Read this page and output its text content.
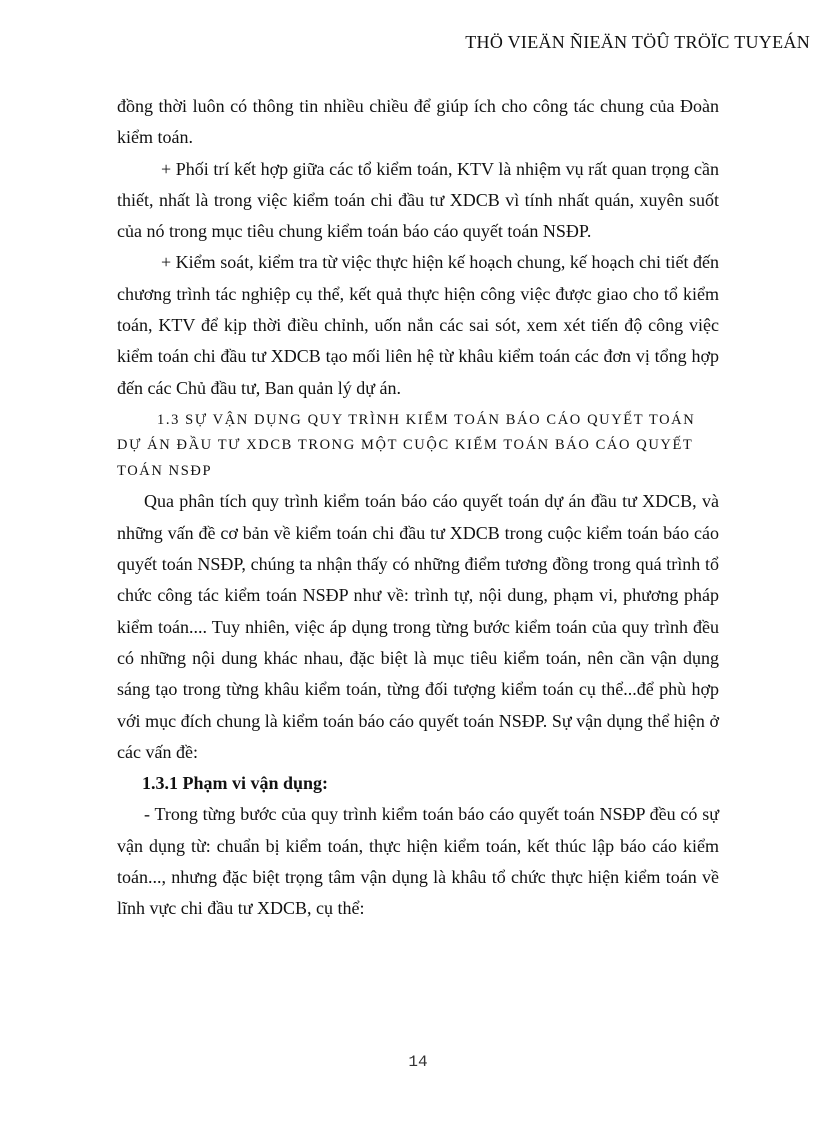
THÖ VIEÄN ÑIEÄN TÖÛ TRÖÏC TUYEÁN

đồng thời luôn có thông tin nhiều chiều để giúp ích cho công tác chung của Đoàn kiểm toán.

+ Phối trí kết hợp giữa các tổ kiểm toán, KTV là nhiệm vụ rất quan trọng cần thiết, nhất là trong việc kiểm toán chi đầu tư XDCB vì tính nhất quán, xuyên suốt của nó trong mục tiêu chung kiểm toán báo cáo quyết toán NSĐP.

+ Kiểm soát, kiểm tra từ việc thực hiện kế hoạch chung, kế hoạch chi tiết đến chương trình tác nghiệp cụ thể, kết quả thực hiện công việc được giao cho tổ kiểm toán, KTV để kịp thời điều chỉnh, uốn nắn các sai sót, xem xét tiến độ công việc kiểm toán chi đầu tư XDCB tạo mối liên hệ từ khâu kiểm toán các đơn vị tổng hợp đến các Chủ đầu tư, Ban quản lý dự án.

1.3 SỰ VẬN DỤNG QUY TRÌNH KIỂM TOÁN BÁO CÁO QUYẾT TOÁN
DỰ ÁN ĐẦU TƯ XDCB TRONG MỘT CUỘC KIỂM TOÁN BÁO CÁO QUYẾT
TOÁN NSĐP

Qua phân tích quy trình kiểm toán báo cáo quyết toán dự án đầu tư XDCB, và những vấn đề cơ bản về kiểm toán chi đầu tư XDCB trong cuộc kiểm toán báo cáo quyết toán NSĐP, chúng ta nhận thấy có những điểm tương đồng trong quá trình tổ chức công tác kiểm toán NSĐP như về: trình tự, nội dung, phạm vi, phương pháp kiểm toán.... Tuy nhiên, việc áp dụng trong từng bước kiểm toán của quy trình đều có những nội dung khác nhau, đặc biệt là mục tiêu kiểm toán, nên cần vận dụng sáng tạo trong từng khâu kiểm toán, từng đối tượng kiểm toán cụ thể...để phù hợp với mục đích chung là kiểm toán báo cáo quyết toán NSĐP. Sự vận dụng thể hiện ở các vấn đề:

1.3.1 Phạm vi vận dụng:

- Trong từng bước của quy trình kiểm toán báo cáo quyết toán NSĐP đều có sự vận dụng từ: chuẩn bị kiểm toán, thực hiện kiểm toán, kết thúc lập báo cáo kiểm toán..., nhưng đặc biệt trọng tâm vận dụng là khâu tổ chức thực hiện kiểm toán về lĩnh vực chi đầu tư XDCB, cụ thể:

14
